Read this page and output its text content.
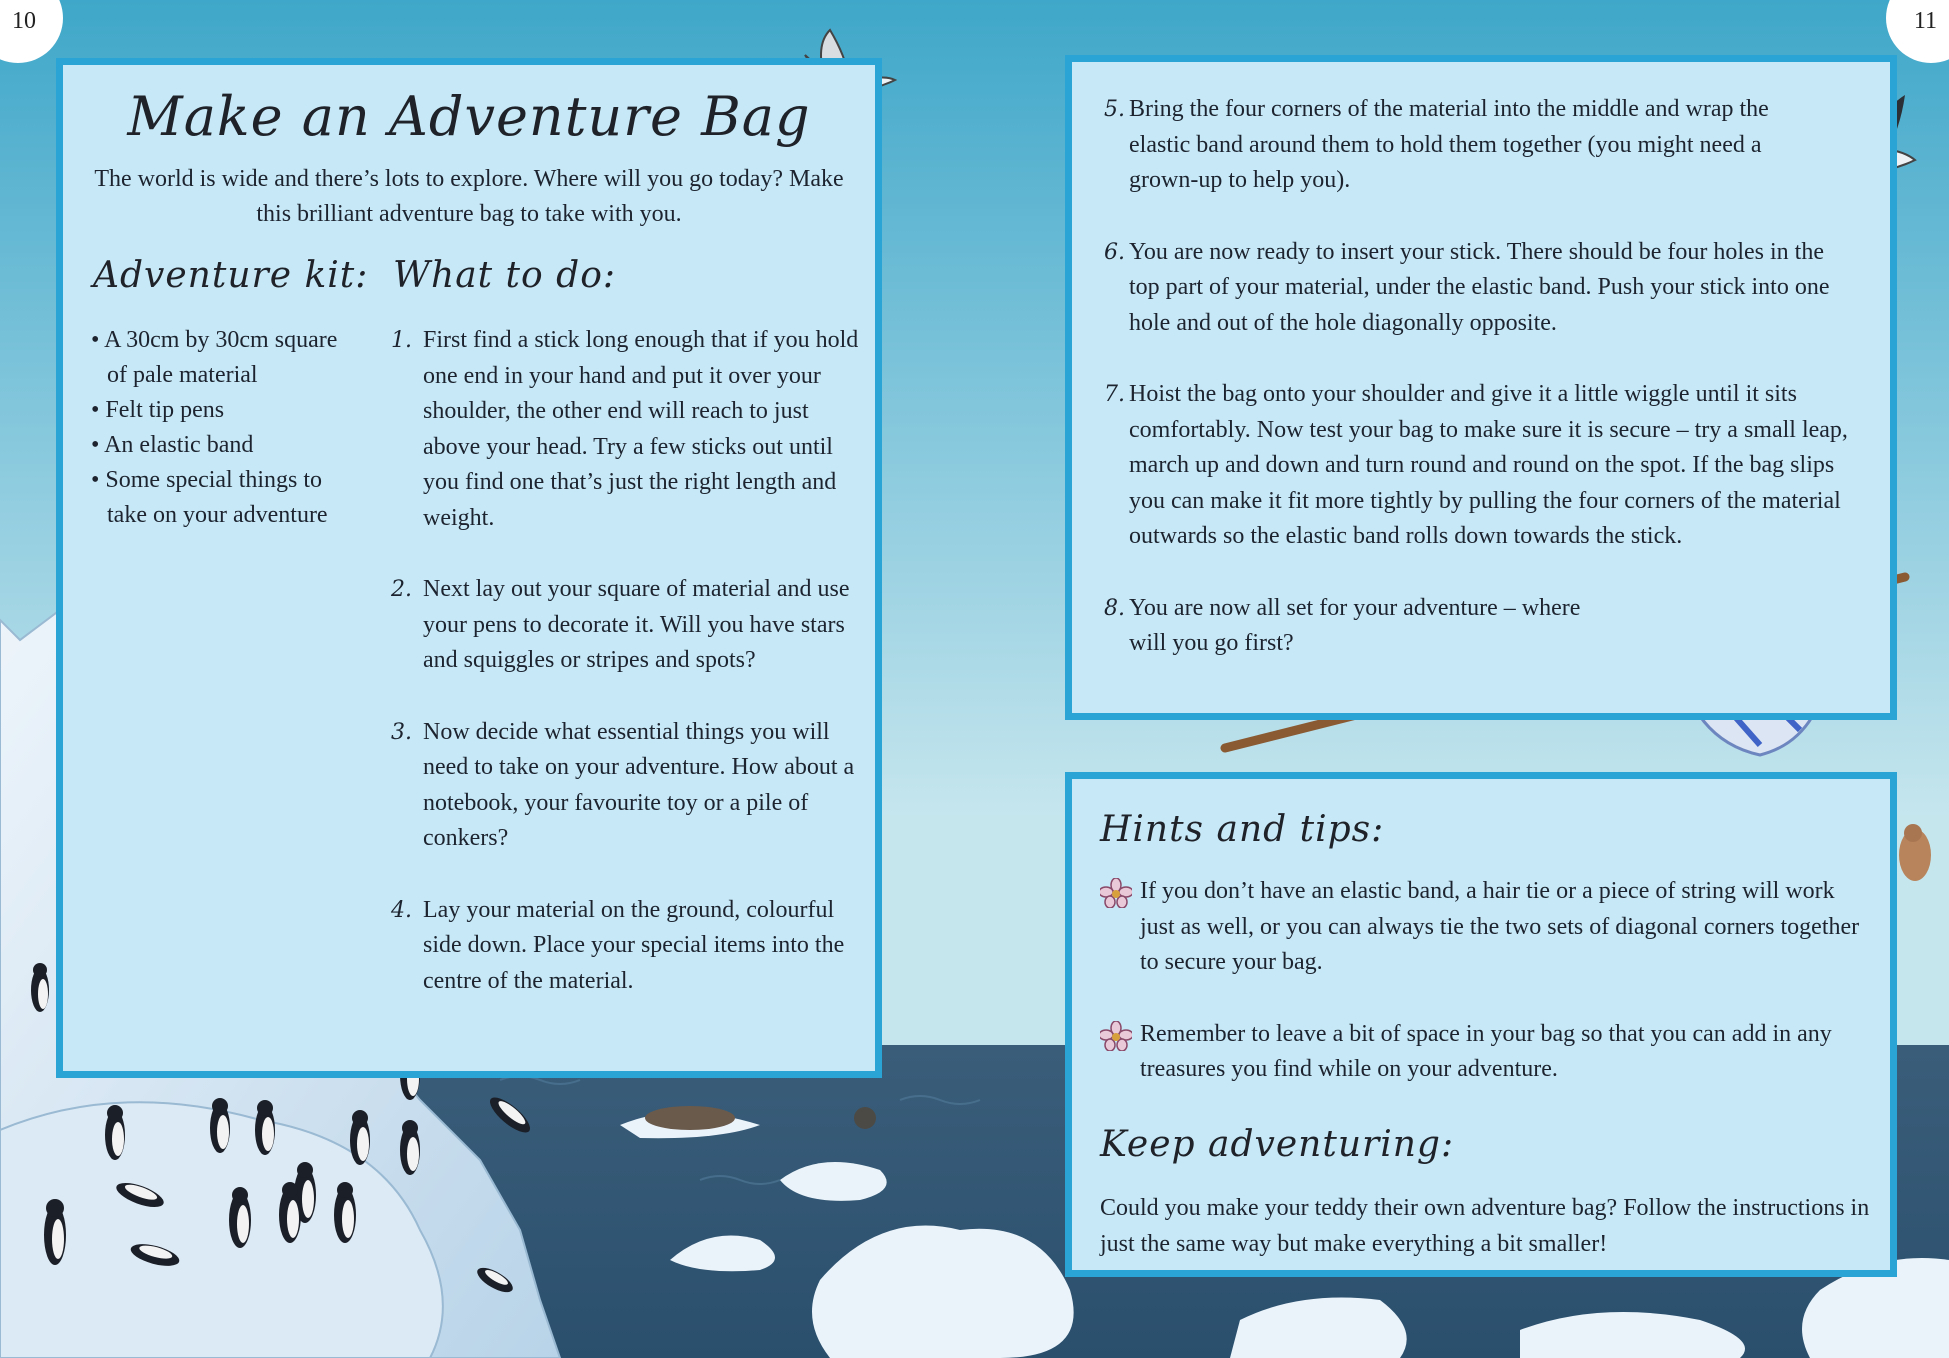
10	11
Make an Adventure Bag
The world is wide and there’s lots to explore. Where will you go today? Make this brilliant adventure bag to take with you.
Adventure kit: What to do:
• A 30cm by 30cm square of pale material
• Felt tip pens
• An elastic band
• Some special things to take on your adventure
1. First find a stick long enough that if you hold one end in your hand and put it over your shoulder, the other end will reach to just above your head. Try a few sticks out until you find one that’s just the right length and weight.
2. Next lay out your square of material and use your pens to decorate it. Will you have stars and squiggles or stripes and spots?
3. Now decide what essential things you will need to take on your adventure. How about a notebook, your favourite toy or a pile of conkers?
4. Lay your material on the ground, colourful side down. Place your special items into the centre of the material.
5. Bring the four corners of the material into the middle and wrap the elastic band around them to hold them together (you might need a grown-up to help you).
6. You are now ready to insert your stick. There should be four holes in the top part of your material, under the elastic band. Push your stick into one hole and out of the hole diagonally opposite.
7. Hoist the bag onto your shoulder and give it a little wiggle until it sits comfortably. Now test your bag to make sure it is secure – try a small leap, march up and down and turn round and round on the spot. If the bag slips you can make it fit more tightly by pulling the four corners of the material outwards so the elastic band rolls down towards the stick.
8. You are now all set for your adventure – where will you go first?
Hints and tips:
If you don’t have an elastic band, a hair tie or a piece of string will work just as well, or you can always tie the two sets of diagonal corners together to secure your bag.
Remember to leave a bit of space in your bag so that you can add in any treasures you find while on your adventure.
Keep adventuring:
Could you make your teddy their own adventure bag? Follow the instructions in just the same way but make everything a bit smaller!
